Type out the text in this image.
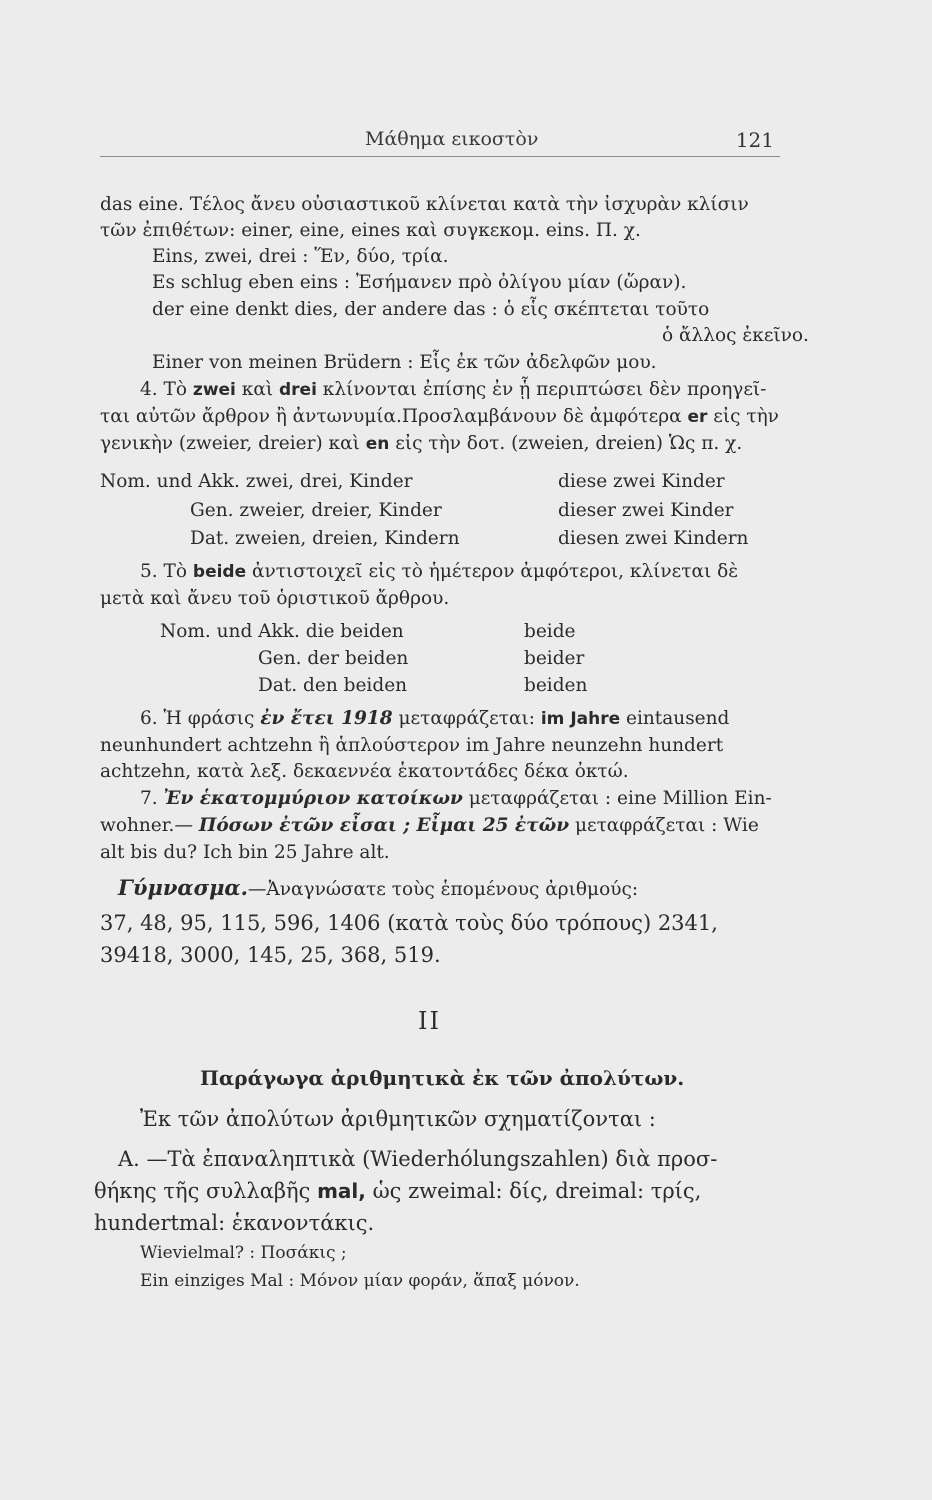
Μάθημα εικοστὸν	121
das eine. Τέλος ἄνευ οὐσιαστικοῦ κλίνεται κατὰ τὴν ἰσχυρὰν κλίσιν
τῶν ἐπιθέτων: einer, eine, eines καὶ συγκεκομ. eins. Π. χ.
Eins, zwei, drei : Ἕν, δύο, τρία.
Es schlug eben eins : Ἐσήμανεν πρὸ ὀλίγου μίαν (ὥραν).
der eine denkt dies, der andere das : ὁ εἷς σκέπτεται τοῦτο
ὁ ἄλλος ἐκεῖνο.
Einer von meinen Brüdern : Εἷς ἐκ τῶν ἀδελφῶν μου.
4. Τὸ zwei καὶ drei κλίνονται ἐπίσης ἐν ᾗ περιπτώσει δὲν προηγεῖ-
ται αὐτῶν ἄρθρον ἢ ἀντωνυμία.Προσλαμβάνουν δὲ ἀμφότερα er εἰς τὴν
γενικὴν (zweier, dreier) καὶ en εἰς τὴν δοτ. (zweien, dreien) Ὡς π. χ.
Nom. und Akk. zwei, drei, Kinder	diese zwei Kinder
Gen. zweier, dreier, Kinder	dieser zwei Kinder
Dat. zweien, dreien, Kindern	diesen zwei Kindern
5. Τὸ beide ἀντιστοιχεῖ εἰς τὸ ἡμέτερον ἀμφότεροι, κλίνεται δὲ
μετὰ καὶ ἄνευ τοῦ ὁριστικοῦ ἄρθρου.
Nom. und Akk. die beiden	beide
Gen. der beiden	beider
Dat. den beiden	beiden
6. Ἡ φράσις ἐν ἔτει 1918 μεταφράζεται: im Jahre eintausend
neunhundert achtzehn ἢ ἁπλούστερον im Jahre neunzehn hundert
achtzehn, κατὰ λεξ. δεκαεννέα ἑκατοντάδες δέκα ὀκτώ.
7. Ἐν ἑκατομμύριον κατοίκων μεταφράζεται : eine Million Ein-
wohner.— Πόσων ἐτῶν εἶσαι ; Εἶμαι 25 ἐτῶν μεταφράζεται : Wie
alt bis du? Ich bin 25 Jahre alt.
Γύμνασμα.—Ἀναγνώσατε τοὺς ἑπομένους ἀριθμούς:
37, 48, 95, 115, 596, 1406 (κατὰ τοὺς δύο τρόπους) 2341,
39418, 3000, 145, 25, 368, 519.
II
Παράγωγα ἀριθμητικὰ ἐκ τῶν ἀπολύτων.
Ἐκ τῶν ἀπολύτων ἀριθμητικῶν σχηματίζονται :
Α. —Τὰ ἐπαναληπτικὰ (Wiederhólungszahlen) διὰ προσ-
θήκης τῆς συλλαβῆς mal, ὡς zweimal: δίς, dreimal: τρίς,
hundertmal: ἑκανοντάκις.
Wievielmal? : Ποσάκις ;
Ein einziges Mal : Μόνον μίαν φοράν, ἅπαξ μόνον.
